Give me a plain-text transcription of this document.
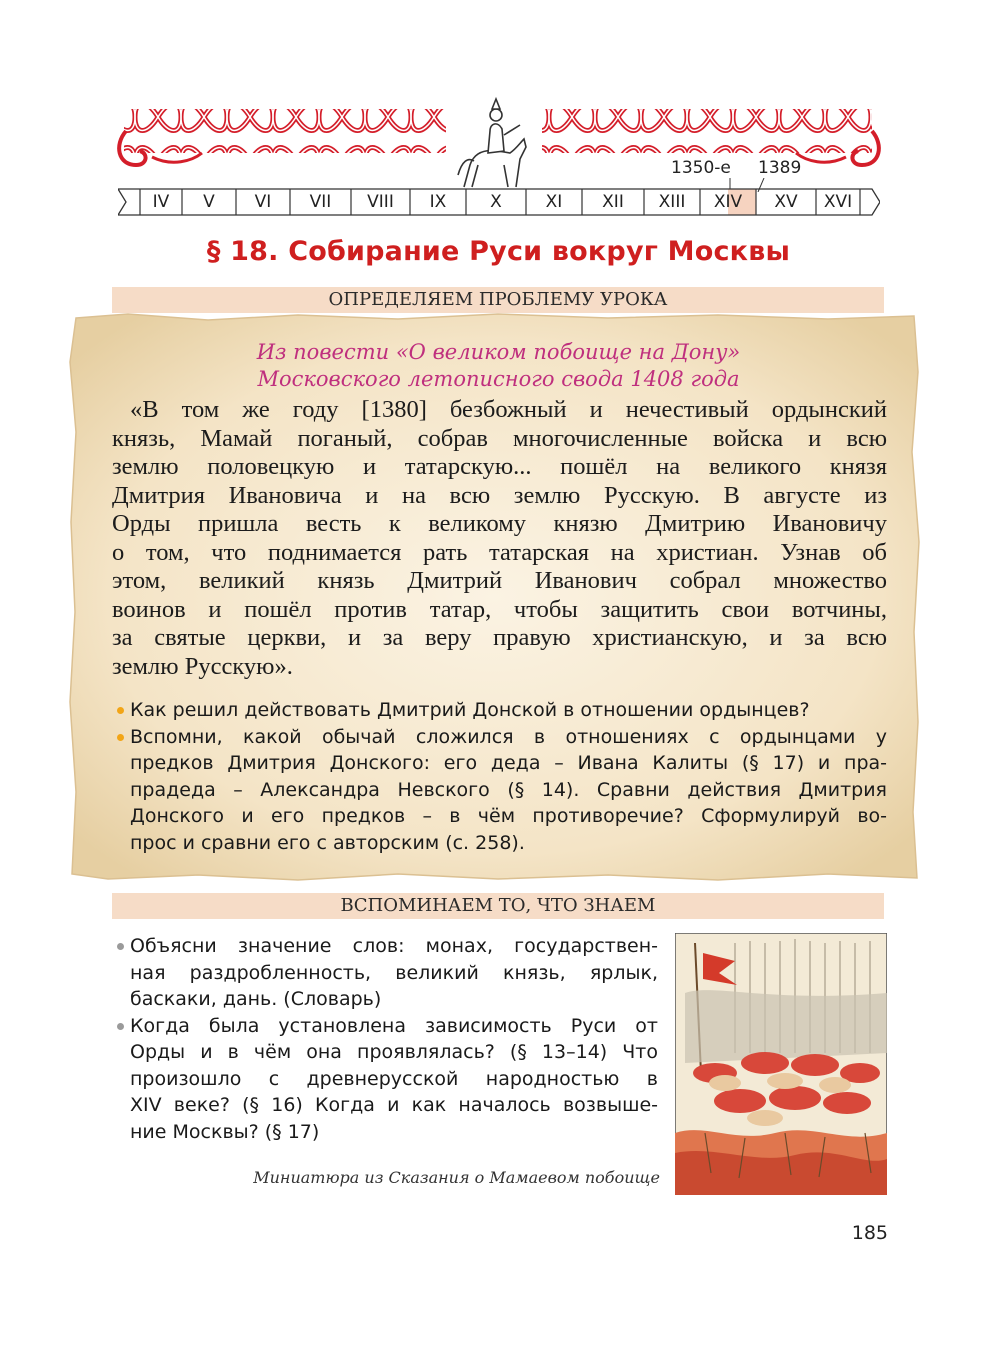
1350-е 1389
IV	V	VI	VII	VIII	IX	X	XI	XII	XIII	XIV	XV	XVI
§ 18. Собирание Руси вокруг Москвы
ОПРЕДЕЛЯЕМ ПРОБЛЕМУ УРОКА
Из повести «О великом побоище на Дону»
Московского летописного свода 1408 года
«В том же году [1380] безбожный и нечестивый ордынский
князь, Мамай поганый, собрав многочисленные войска и всю
землю половецкую и татарскую... пошёл на великого князя
Дмитрия Ивановича и на всю землю Русскую. В августе из
Орды пришла весть к великому князю Дмитрию Ивановичу
о том, что поднимается рать татарская на христиан. Узнав об
этом, великий князь Дмитрий Иванович собрал множество
воинов и пошёл против татар, чтобы защитить свои вотчины,
за святые церкви, и за веру правую христианскую, и за всю
землю Русскую».
Как решил действовать Дмитрий Донской в отношении ордынцев?
Вспомни, какой обычай сложился в отношениях с ордынцами у
предков Дмитрия Донского: его деда – Ивана Калиты (§ 17) и пра-
прадеда – Александра Невского (§ 14). Сравни действия Дмитрия
Донского и его предков – в чём противоречие? Сформулируй во-
прос и сравни его с авторским (с. 258).
ВСПОМИНАЕМ ТО, ЧТО ЗНАЕМ
Объясни значение слов: монах, государствен-
ная раздробленность, великий князь, ярлык,
баскаки, дань. (Словарь)
Когда была установлена зависимость Руси от
Орды и в чём она проявлялась? (§ 13–14) Что
произошло с древнерусской народностью в
XIV веке? (§ 16) Когда и как началось возвыше-
ние Москвы? (§ 17)
Миниатюра из Сказания о Мамаевом побоище
185
